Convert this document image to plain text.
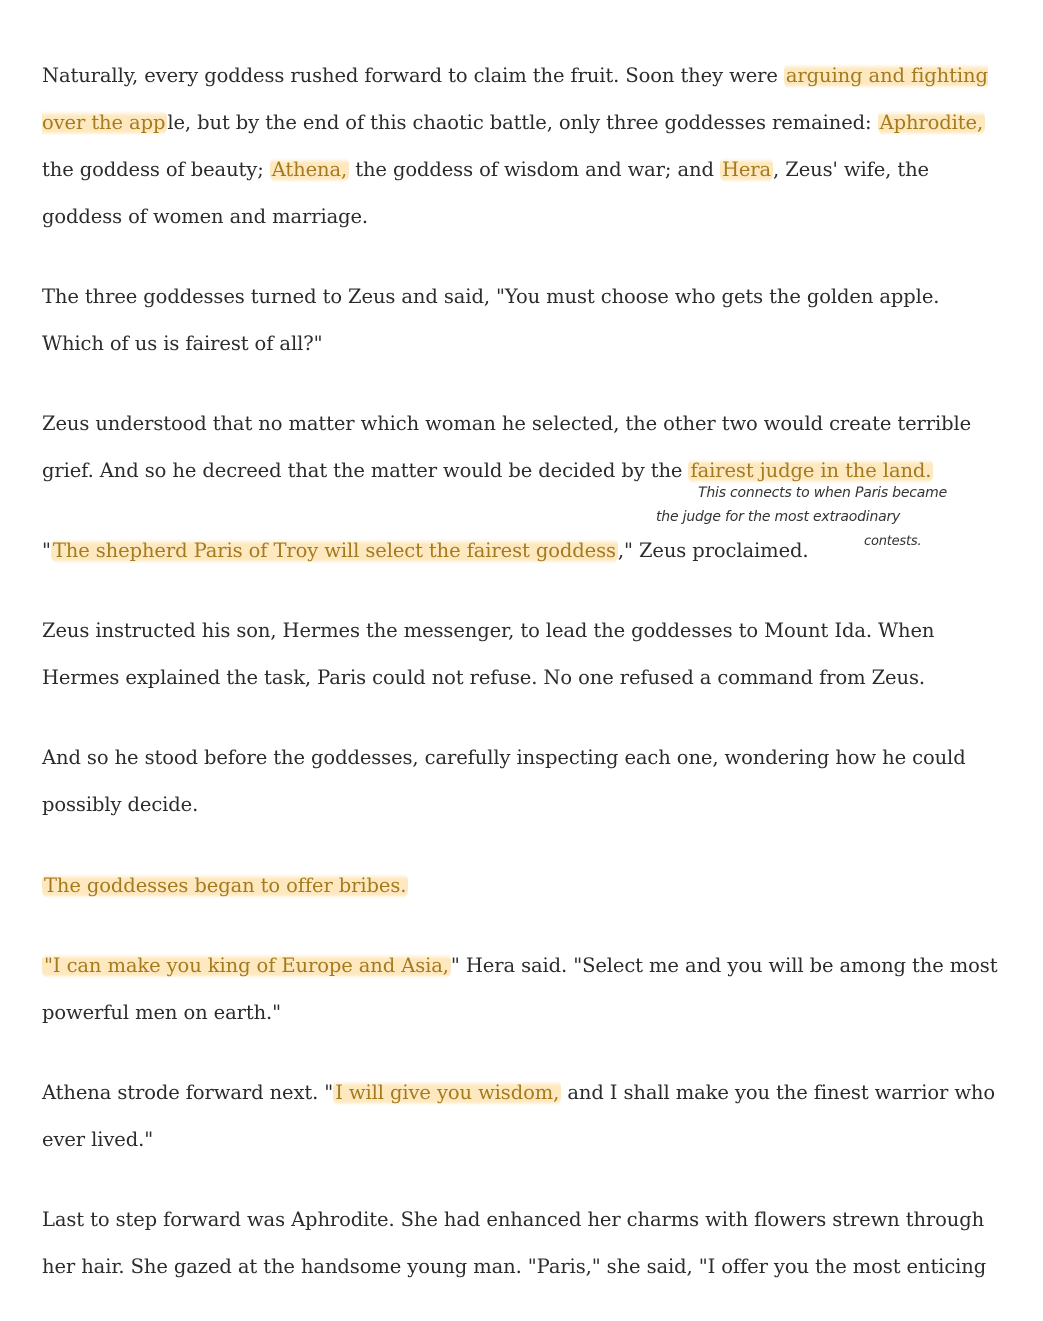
Naturally, every goddess rushed forward to claim the fruit. Soon they were arguing and fighting over the app le, but by the end of this chaotic battle, only three goddesses remained: Aphrodite, the goddess of beauty; Athena, the goddess of wisdom and war; and Hera , Zeus' wife, the goddess of women and marriage.

The three goddesses turned to Zeus and said, "You must choose who gets the golden apple. Which of us is fairest of all?"

Zeus understood that no matter which woman he selected, the other two would create terrible grief. And so he decreed that the matter would be decided by the fairest judge in the land.

This connects to when Paris became
the judge for the most extraodinary
contests.

" The shepherd Paris of Troy will select the fairest goddess ," Zeus proclaimed.

Zeus instructed his son, Hermes the messenger, to lead the goddesses to Mount Ida. When Hermes explained the task, Paris could not refuse. No one refused a command from Zeus.

And so he stood before the goddesses, carefully inspecting each one, wondering how he could possibly decide.

The goddesses began to offer bribes.

"I can make you king of Europe and Asia, " Hera said. "Select me and you will be among the most powerful men on earth."

Athena strode forward next. " I will give you wisdom, and I shall make you the finest warrior who ever lived."

Last to step forward was Aphrodite. She had enhanced her charms with flowers strewn through her hair. She gazed at the handsome young man. "Paris," she said, "I offer you the most enticing
